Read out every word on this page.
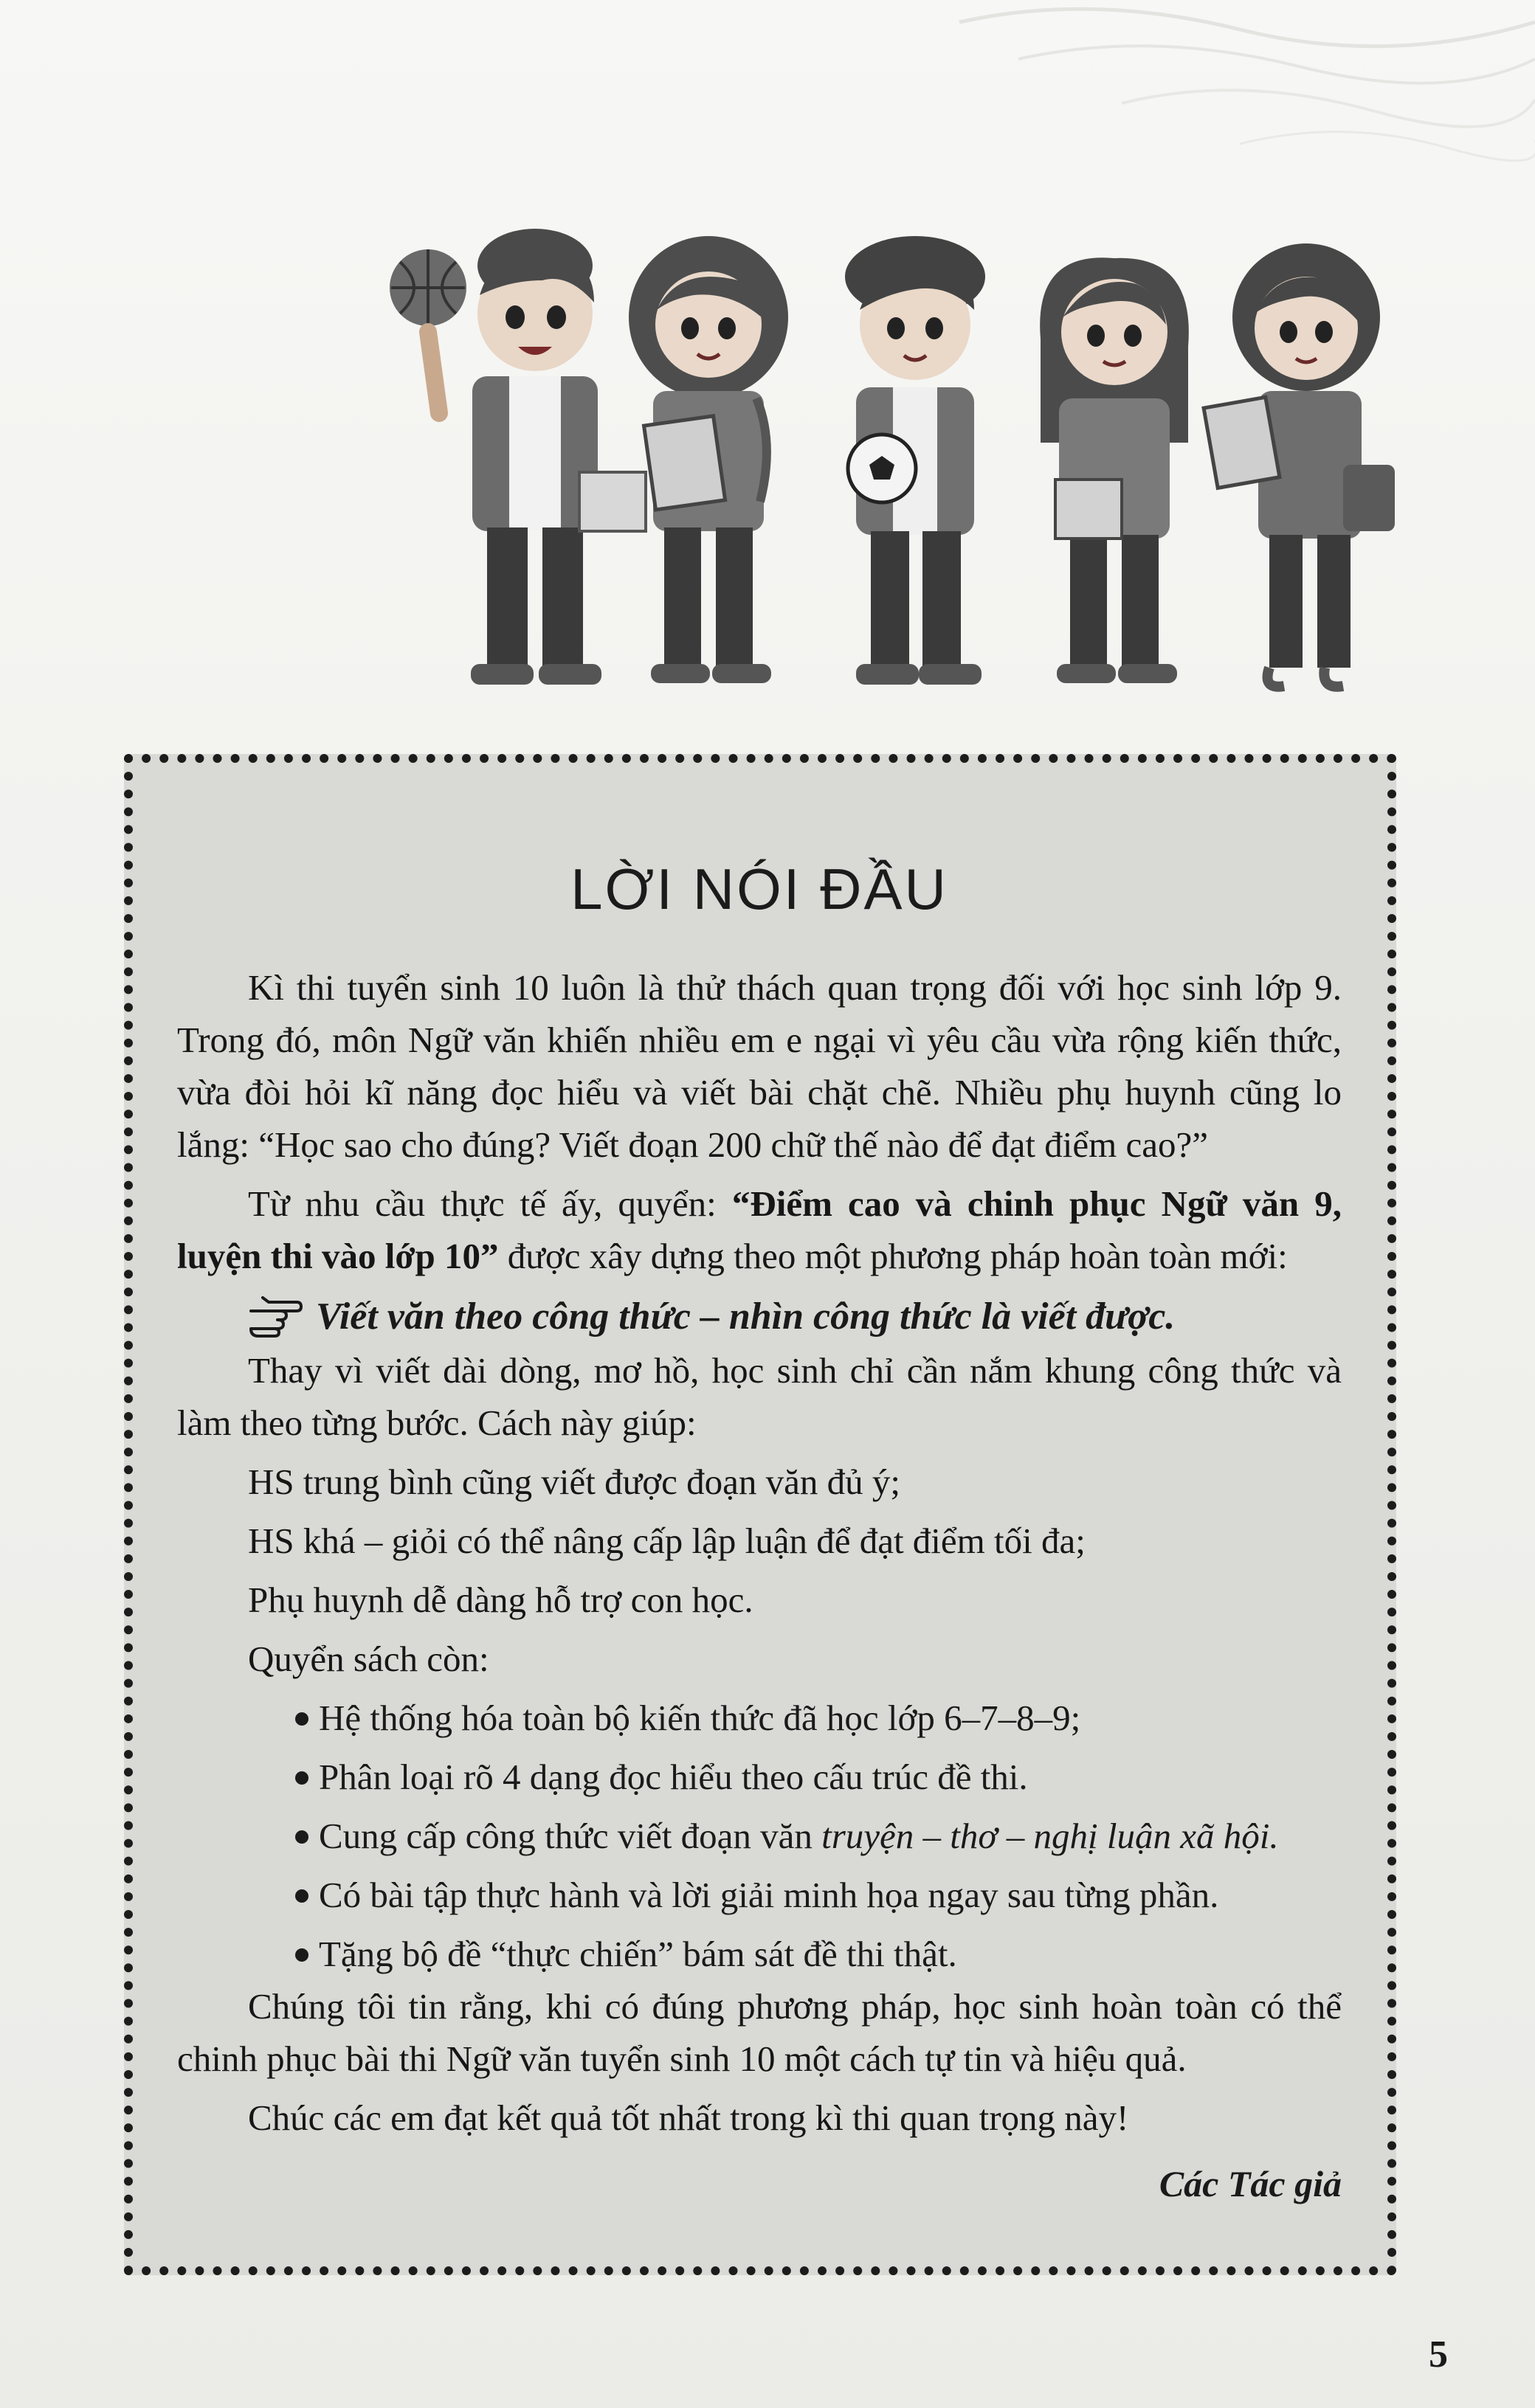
LỜI NÓI ĐẦU

Kì thi tuyển sinh 10 luôn là thử thách quan trọng đối với học sinh lớp 9. Trong đó, môn Ngữ văn khiến nhiều em e ngại vì yêu cầu vừa rộng kiến thức, vừa đòi hỏi kĩ năng đọc hiểu và viết bài chặt chẽ. Nhiều phụ huynh cũng lo lắng: “Học sao cho đúng? Viết đoạn 200 chữ thế nào để đạt điểm cao?”

Từ nhu cầu thực tế ấy, quyển: “Điểm cao và chinh phục Ngữ văn 9, luyện thi vào lớp 10” được xây dựng theo một phương pháp hoàn toàn mới:

Viết văn theo công thức – nhìn công thức là viết được.

Thay vì viết dài dòng, mơ hồ, học sinh chỉ cần nắm khung công thức và làm theo từng bước. Cách này giúp:

HS trung bình cũng viết được đoạn văn đủ ý;

HS khá – giỏi có thể nâng cấp lập luận để đạt điểm tối đa;

Phụ huynh dễ dàng hỗ trợ con học.

Quyển sách còn:

Hệ thống hóa toàn bộ kiến thức đã học lớp 6–7–8–9;
Phân loại rõ 4 dạng đọc hiểu theo cấu trúc đề thi.
Cung cấp công thức viết đoạn văn truyện – thơ – nghị luận xã hội.
Có bài tập thực hành và lời giải minh họa ngay sau từng phần.
Tặng bộ đề “thực chiến” bám sát đề thi thật.

Chúng tôi tin rằng, khi có đúng phương pháp, học sinh hoàn toàn có thể chinh phục bài thi Ngữ văn tuyển sinh 10 một cách tự tin và hiệu quả.

Chúc các em đạt kết quả tốt nhất trong kì thi quan trọng này!

Các Tác giả
5
